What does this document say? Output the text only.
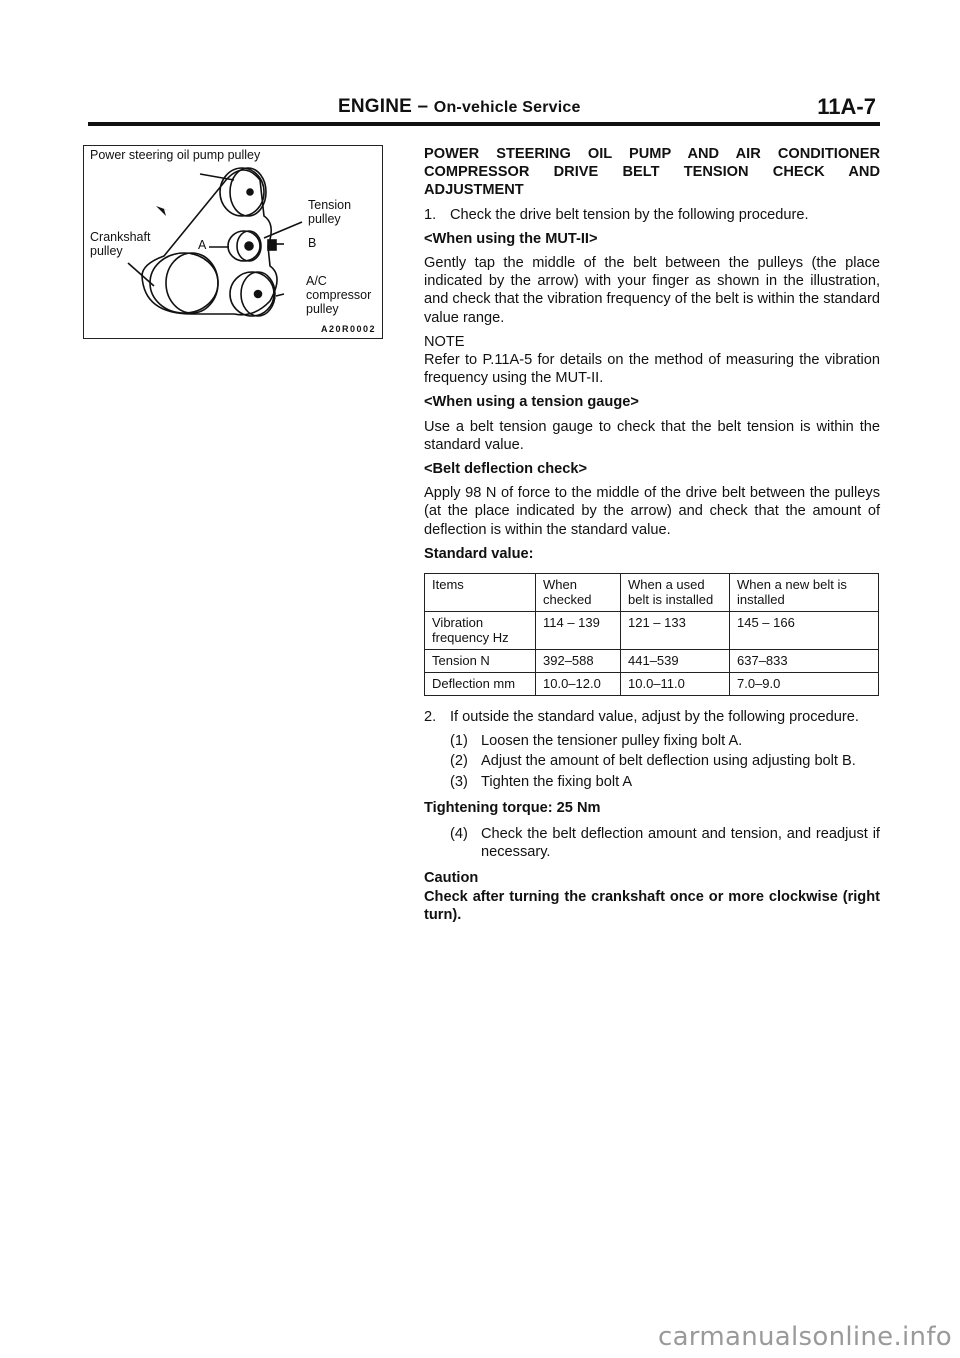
ENGINE – On-vehicle Service	11A-7
Power steering oil pump pulley
Tension pulley
B
Crankshaft pulley	A
A/C compressor pulley
A20R0002
POWER STEERING OIL PUMP AND AIR CONDITIONER COMPRESSOR DRIVE BELT TENSION CHECK AND ADJUSTMENT
1. Check the drive belt tension by the following procedure.

<When using the MUT-II>

Gently tap the middle of the belt between the pulleys (the place indicated by the arrow) with your finger as shown in the illustration, and check that the vibration frequency of the belt is within the standard value range.

NOTE

Refer to P.11A-5 for details on the method of measuring the vibration frequency using the MUT-II.

<When using a tension gauge>

Use a belt tension gauge to check that the belt tension is within the standard value.

<Belt deflection check>

Apply 98 N of force to the middle of the drive belt between the pulleys (at the place indicated by the arrow) and check that the amount of deflection is within the standard value.

Standard value:

Items	When checked	When a used belt is installed	When a new belt is installed
Vibration frequency Hz	114 – 139	121 – 133	145 – 166
Tension N	392–588	441–539	637–833
Deflection mm	10.0–12.0	10.0–11.0	7.0–9.0
2. If outside the standard value, adjust by the following procedure.
(1) Loosen the tensioner pulley fixing bolt A.
(2) Adjust the amount of belt deflection using adjusting bolt B.
(3) Tighten the fixing bolt A

Tightening torque: 25 Nm

(4) Check the belt deflection amount and tension, and readjust if necessary.

Caution

Check after turning the crankshaft once or more clockwise (right turn).

carmanualsonline.info
